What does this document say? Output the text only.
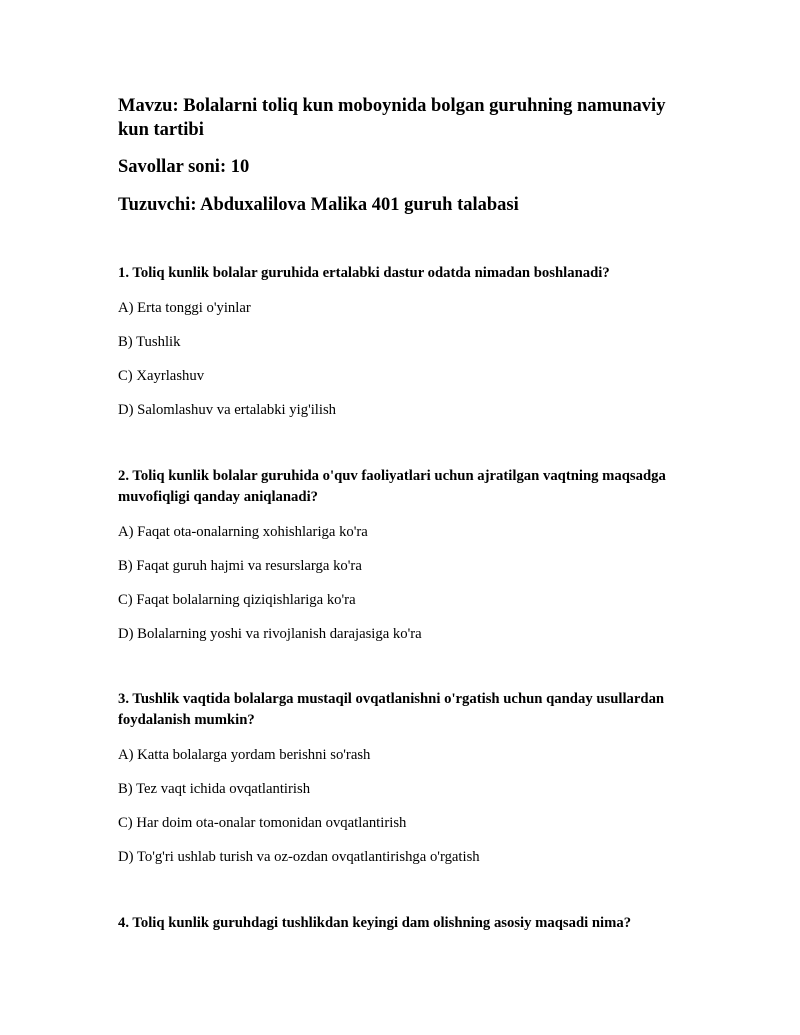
Mavzu: Bolalarni toliq kun moboynida bolgan guruhning namunaviy kun tartibi

Savollar soni: 10

Tuzuvchi: Abduxalilova Malika 401 guruh talabasi

1. Toliq kunlik bolalar guruhida ertalabki dastur odatda nimadan boshlanadi?

A) Erta tonggi o'yinlar
B) Tushlik
C) Xayrlashuv
D) Salomlashuv va ertalabki yig'ilish

2. Toliq kunlik bolalar guruhida o'quv faoliyatlari uchun ajratilgan vaqtning maqsadga muvofiqligi qanday aniqlanadi?

A) Faqat ota-onalarning xohishlariga ko'ra
B) Faqat guruh hajmi va resurslarga ko'ra
C) Faqat bolalarning qiziqishlariga ko'ra
D) Bolalarning yoshi va rivojlanish darajasiga ko'ra

3. Tushlik vaqtida bolalarga mustaqil ovqatlanishni o'rgatish uchun qanday usullardan foydalanish mumkin?

A) Katta bolalarga yordam berishni so'rash
B) Tez vaqt ichida ovqatlantirish
C) Har doim ota-onalar tomonidan ovqatlantirish
D) To'g'ri ushlab turish va oz-ozdan ovqatlantirishga o'rgatish

4. Toliq kunlik guruhdagi tushlikdan keyingi dam olishning asosiy maqsadi nima?
